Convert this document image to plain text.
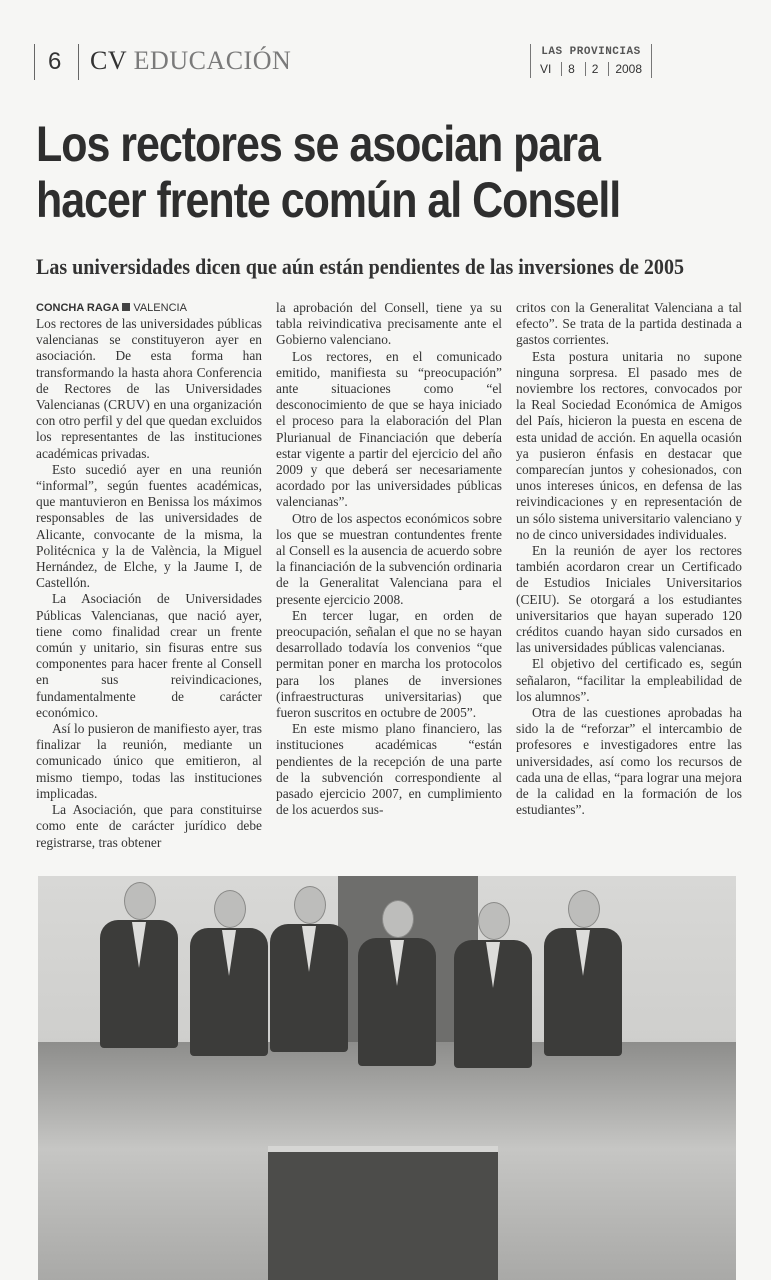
6 CV EDUCACIÓN	LAS PROVINCIAS
VI	8	2	2008
Los rectores se asocian para
hacer frente común al Consell
Las universidades dicen que aún están pendientes de las inversiones de 2005
CONCHA RAGA VALENCIA

Los rectores de las universidades públicas valencianas se constituyeron ayer en asociación. De esta forma han transformando la hasta ahora Conferencia de Rectores de las Universidades Valencianas (CRUV) en una organización con otro perfil y del que quedan excluidos los representantes de las instituciones académicas privadas.

Esto sucedió ayer en una reunión “informal”, según fuentes académicas, que mantuvieron en Benissa los máximos responsables de las universidades de Alicante, convocante de la misma, la Politécnica y la de València, la Miguel Hernández, de Elche, y la Jaume I, de Castellón.

La Asociación de Universidades Públicas Valencianas, que nació ayer, tiene como finalidad crear un frente común y unitario, sin fisuras entre sus componentes para hacer frente al Consell en sus reivindicaciones, fundamentalmente de carácter económico.

Así lo pusieron de manifiesto ayer, tras finalizar la reunión, mediante un comunicado único que emitieron, al mismo tiempo, todas las instituciones implicadas.

La Asociación, que para constituirse como ente de carácter jurídico debe registrarse, tras obtener

la aprobación del Consell, tiene ya su tabla reivindicativa precisamente ante el Gobierno valenciano.

Los rectores, en el comunicado emitido, manifiesta su “preocupación” ante situaciones como “el desconocimiento de que se haya iniciado el proceso para la elaboración del Plan Plurianual de Financiación que debería estar vigente a partir del ejercicio del año 2009 y que deberá ser necesariamente acordado por las universidades públicas valencianas”.

Otro de los aspectos económicos sobre los que se muestran contundentes frente al Consell es la ausencia de acuerdo sobre la financiación de la subvención ordinaria de la Generalitat Valenciana para el presente ejercicio 2008.

En tercer lugar, en orden de preocupación, señalan el que no se hayan desarrollado todavía los convenios “que permitan poner en marcha los protocolos para los planes de inversiones (infraestructuras universitarias) que fueron suscritos en octubre de 2005”.

En este mismo plano financiero, las instituciones académicas “están pendientes de la recepción de una parte de la subvención correspondiente al pasado ejercicio 2007, en cumplimiento de los acuerdos sus-

critos con la Generalitat Valenciana a tal efecto”. Se trata de la partida destinada a gastos corrientes.

Esta postura unitaria no supone ninguna sorpresa. El pasado mes de noviembre los rectores, convocados por la Real Sociedad Económica de Amigos del País, hicieron la puesta en escena de esta unidad de acción. En aquella ocasión ya pusieron énfasis en destacar que comparecían juntos y cohesionados, con unos intereses únicos, en defensa de las reivindicaciones y en representación de un sólo sistema universitario valenciano y no de cinco universidades individuales.

En la reunión de ayer los rectores también acordaron crear un Certificado de Estudios Iniciales Universitarios (CEIU). Se otorgará a los estudiantes universitarios que hayan superado 120 créditos cuando hayan sido cursados en las universidades públicas valencianas.

El objetivo del certificado es, según señalaron, “facilitar la empleabilidad de los alumnos”.

Otra de las cuestiones aprobadas ha sido la de “reforzar” el intercambio de profesores e investigadores entre las universidades, así como los recursos de cada una de ellas, “para lograr una mejora de la calidad en la formación de los estudiantes”.
